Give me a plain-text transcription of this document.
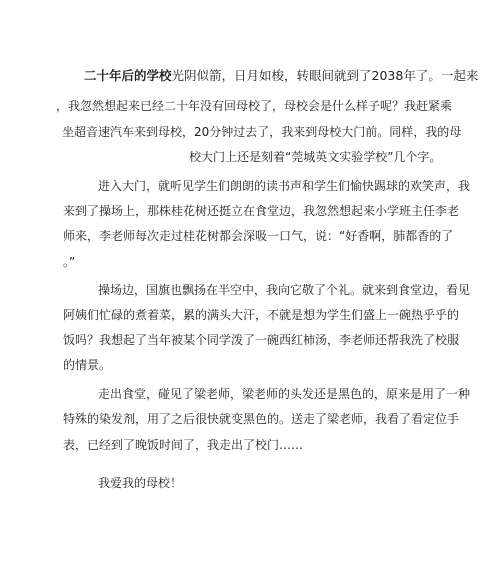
二十年后的学校光阴似箭，日月如梭，转眼间就到了2038年了。一起来
，我忽然想起来已经二十年没有回母校了，母校会是什么样子呢？我赶紧乘
坐超音速汽车来到母校，20分钟过去了，我来到母校大门前。同样，我的母
校大门上还是刻着“莞城英文实验学校”几个字。
进入大门，就听见学生们朗朗的读书声和学生们愉快踢球的欢笑声，我
来到了操场上，那株桂花树还挺立在食堂边，我忽然想起来小学班主任李老
师来，李老师每次走过桂花树都会深吸一口气，说：“好香啊，肺都香的了
。”
操场边，国旗也飘扬在半空中，我向它敬了个礼。就来到食堂边，看见
阿姨们忙碌的煮着菜，累的满头大汗，不就是想为学生们盛上一碗热乎乎的
饭吗？我想起了当年被某个同学泼了一碗西红柿汤，李老师还帮我洗了校服
的情景。
走出食堂，碰见了梁老师，梁老师的头发还是黑色的，原来是用了一种
特殊的染发剂，用了之后很快就变黑色的。送走了梁老师，我看了看定位手
表，已经到了晚饭时间了，我走出了校门……
我爱我的母校！
